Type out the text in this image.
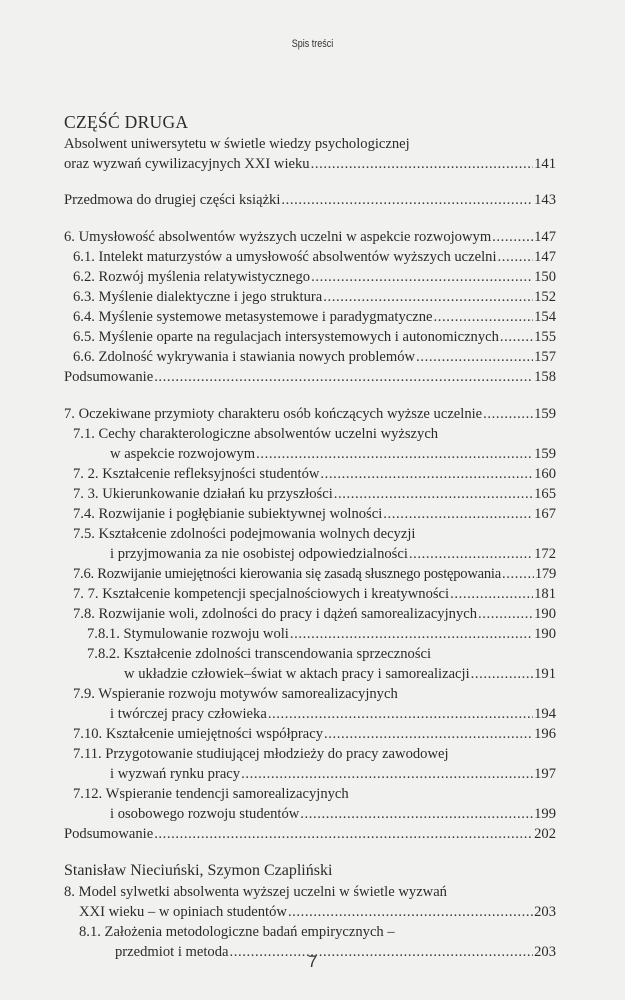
Spis treści
CZĘŚĆ DRUGA
Absolwent uniwersytetu w świetle wiedzy psychologicznej
oraz wyzwań cywilizacyjnych XXI wieku .....	141
Przedmowa do drugiej części książki .....	143
6. Umysłowość absolwentów wyższych uczelni w aspekcie rozwojowym .....	147
6.1. Intelekt maturzystów a umysłowość absolwentów wyższych uczelni .....	147
6.2. Rozwój myślenia relatywistycznego .....	150
6.3. Myślenie dialektyczne i jego struktura .....	152
6.4. Myślenie systemowe metasystemowe i paradygmatyczne .....	154
6.5. Myślenie oparte na regulacjach intersystemowych i autonomicznych ..... 155
6.6. Zdolność wykrywania i stawiania nowych problemów .....	157
Podsumowanie .....	158
7. Oczekiwane przymioty charakteru osób kończących wyższe uczelnie .....	159
7.1. Cechy charakterologiczne absolwentów uczelni wyższych
w aspekcie rozwojowym .....	159
7. 2. Kształcenie refleksyjności studentów .....	160
7. 3. Ukierunkowanie działań ku przyszłości .....	165
7.4. Rozwijanie i pogłębianie subiektywnej wolności .....	167
7.5. Kształcenie zdolności podejmowania wolnych decyzji
i przyjmowania za nie osobistej odpowiedzialności .....	172
7.6. Rozwijanie umiejętności kierowania się zasadą słusznego postępowania ..... 179
7. 7. Kształcenie kompetencji specjalnościowych i kreatywności .....	181
7.8. Rozwijanie woli, zdolności do pracy i dążeń samorealizacyjnych .....	190
7.8.1. Stymulowanie rozwoju woli .....	190
7.8.2. Kształcenie zdolności transcendowania sprzeczności
w układzie człowiek–świat w aktach pracy i samorealizacji .....	191
7.9. Wspieranie rozwoju motywów samorealizacyjnych
i twórczej pracy człowieka .....	194
7.10. Kształcenie umiejętności współpracy .....	196
7.11. Przygotowanie studiującej młodzieży do pracy zawodowej
i wyzwań rynku pracy .....	197
7.12. Wspieranie tendencji samorealizacyjnych
i osobowego rozwoju studentów .....	199
Podsumowanie .....	202
Stanisław Nieciuński, Szymon Czapliński
8. Model sylwetki absolwenta wyższej uczelni w świetle wyzwań
XXI wieku – w opiniach studentów .....	203
8.1. Założenia metodologiczne badań empirycznych –
przedmiot i metoda .....	203
7
